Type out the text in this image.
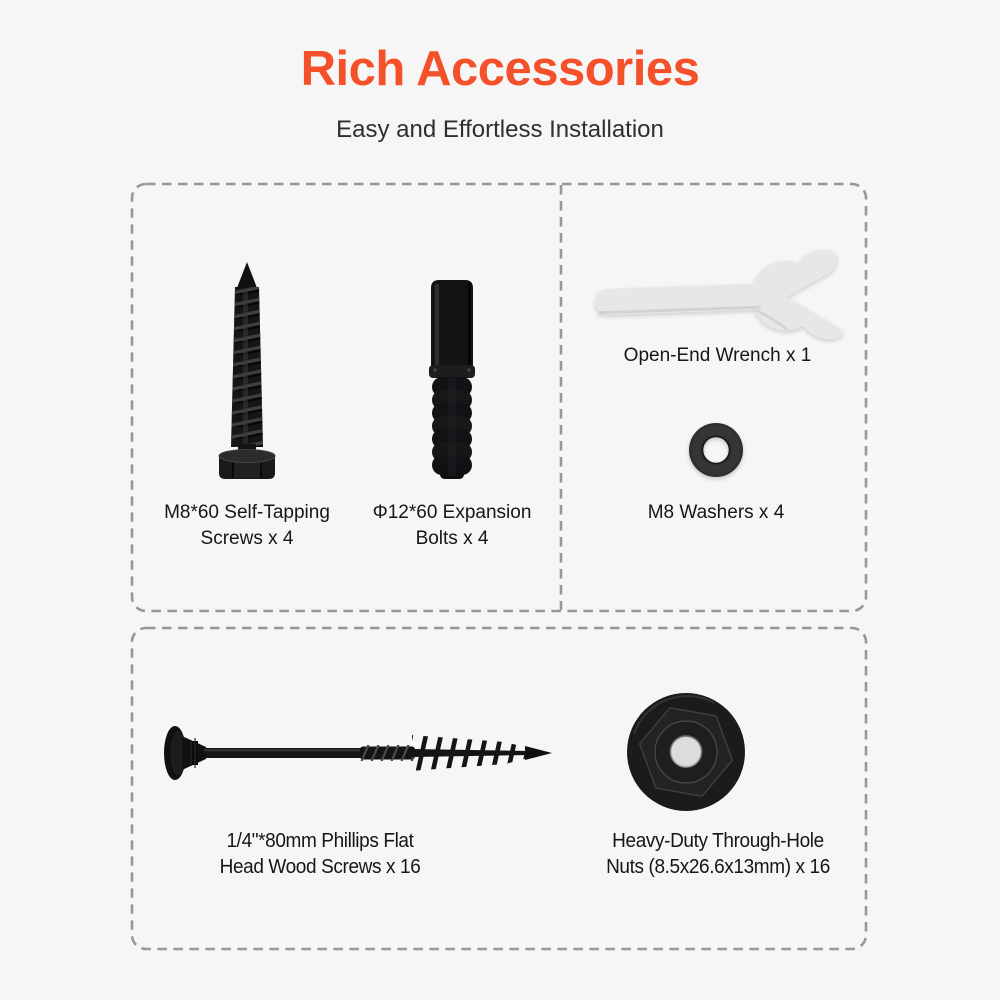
Rich Accessories
Easy and Effortless Installation
M8*60 Self-Tapping
Screws x 4
Φ12*60 Expansion
Bolts x 4
Open-End Wrench x 1
M8 Washers x 4
1/4"*80mm Phillips Flat
Head Wood Screws x 16
Heavy-Duty Through-Hole
Nuts (8.5x26.6x13mm) x 16
